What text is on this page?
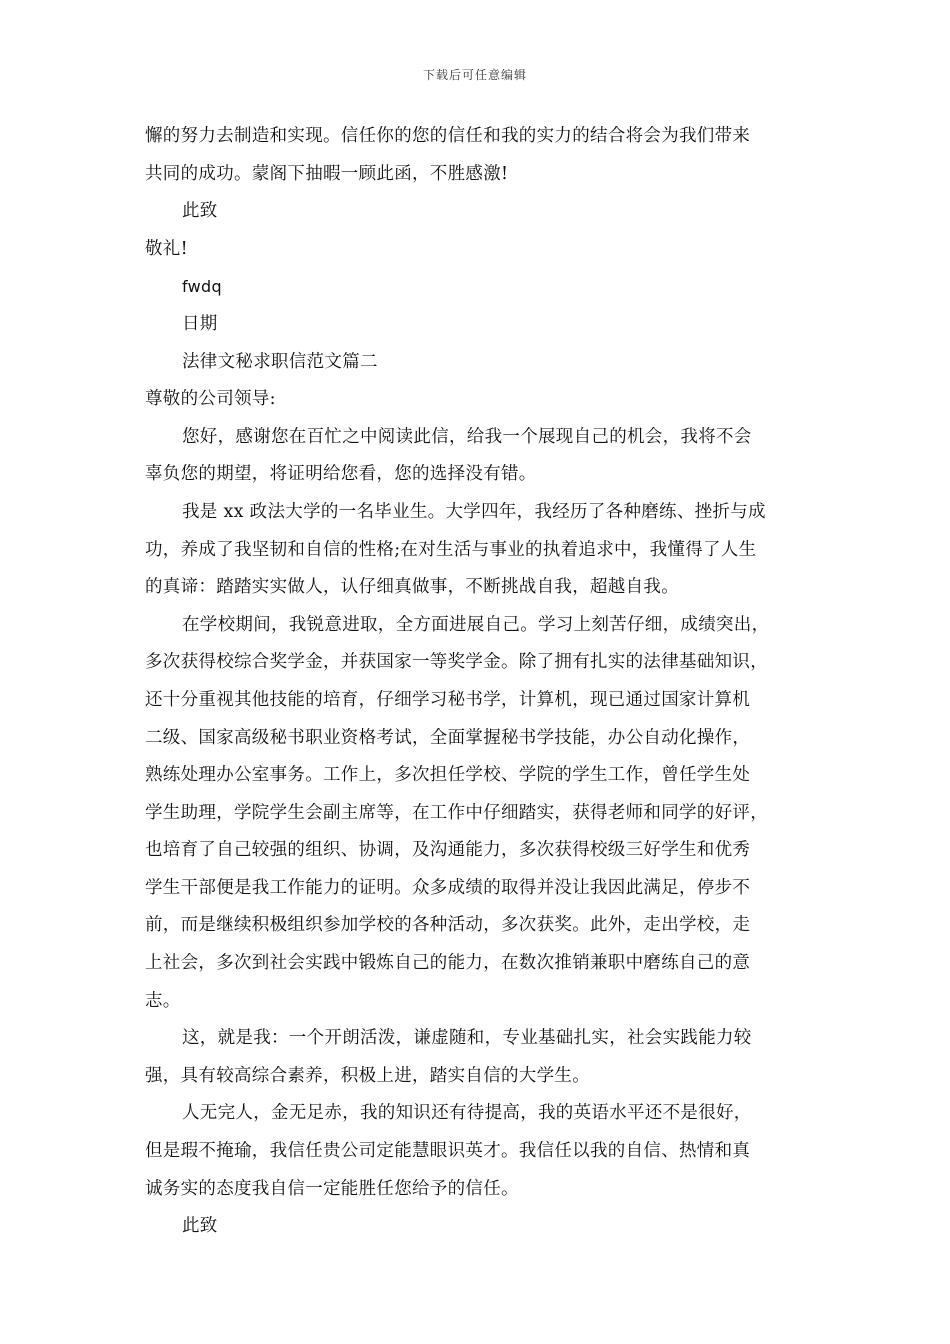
下载后可任意编辑
懈的努力去制造和实现。信任你的您的信任和我的实力的结合将会为我们带来
共同的成功。蒙阁下抽暇一顾此函，不胜感激!
此致
敬礼!
fwdq
日期
法律文秘求职信范文篇二
尊敬的公司领导:
您好，感谢您在百忙之中阅读此信，给我一个展现自己的机会，我将不会
辜负您的期望，将证明给您看，您的选择没有错。
我是 xx 政法大学的一名毕业生。大学四年，我经历了各种磨练、挫折与成
功，养成了我坚韧和自信的性格;在对生活与事业的执着追求中，我懂得了人生
的真谛：踏踏实实做人，认仔细真做事，不断挑战自我，超越自我。
在学校期间，我锐意进取，全方面进展自己。学习上刻苦仔细，成绩突出，
多次获得校综合奖学金，并获国家一等奖学金。除了拥有扎实的法律基础知识，
还十分重视其他技能的培育，仔细学习秘书学，计算机，现已通过国家计算机
二级、国家高级秘书职业资格考试，全面掌握秘书学技能，办公自动化操作，
熟练处理办公室事务。工作上，多次担任学校、学院的学生工作，曾任学生处
学生助理，学院学生会副主席等，在工作中仔细踏实，获得老师和同学的好评，
也培育了自己较强的组织、协调，及沟通能力，多次获得校级三好学生和优秀
学生干部便是我工作能力的证明。众多成绩的取得并没让我因此满足，停步不
前，而是继续积极组织参加学校的各种活动，多次获奖。此外，走出学校，走
上社会，多次到社会实践中锻炼自己的能力，在数次推销兼职中磨练自己的意
志。
这，就是我：一个开朗活泼，谦虚随和，专业基础扎实，社会实践能力较
强，具有较高综合素养，积极上进，踏实自信的大学生。
人无完人，金无足赤，我的知识还有待提高，我的英语水平还不是很好，
但是瑕不掩瑜，我信任贵公司定能慧眼识英才。我信任以我的自信、热情和真
诚务实的态度我自信一定能胜任您给予的信任。
此致
